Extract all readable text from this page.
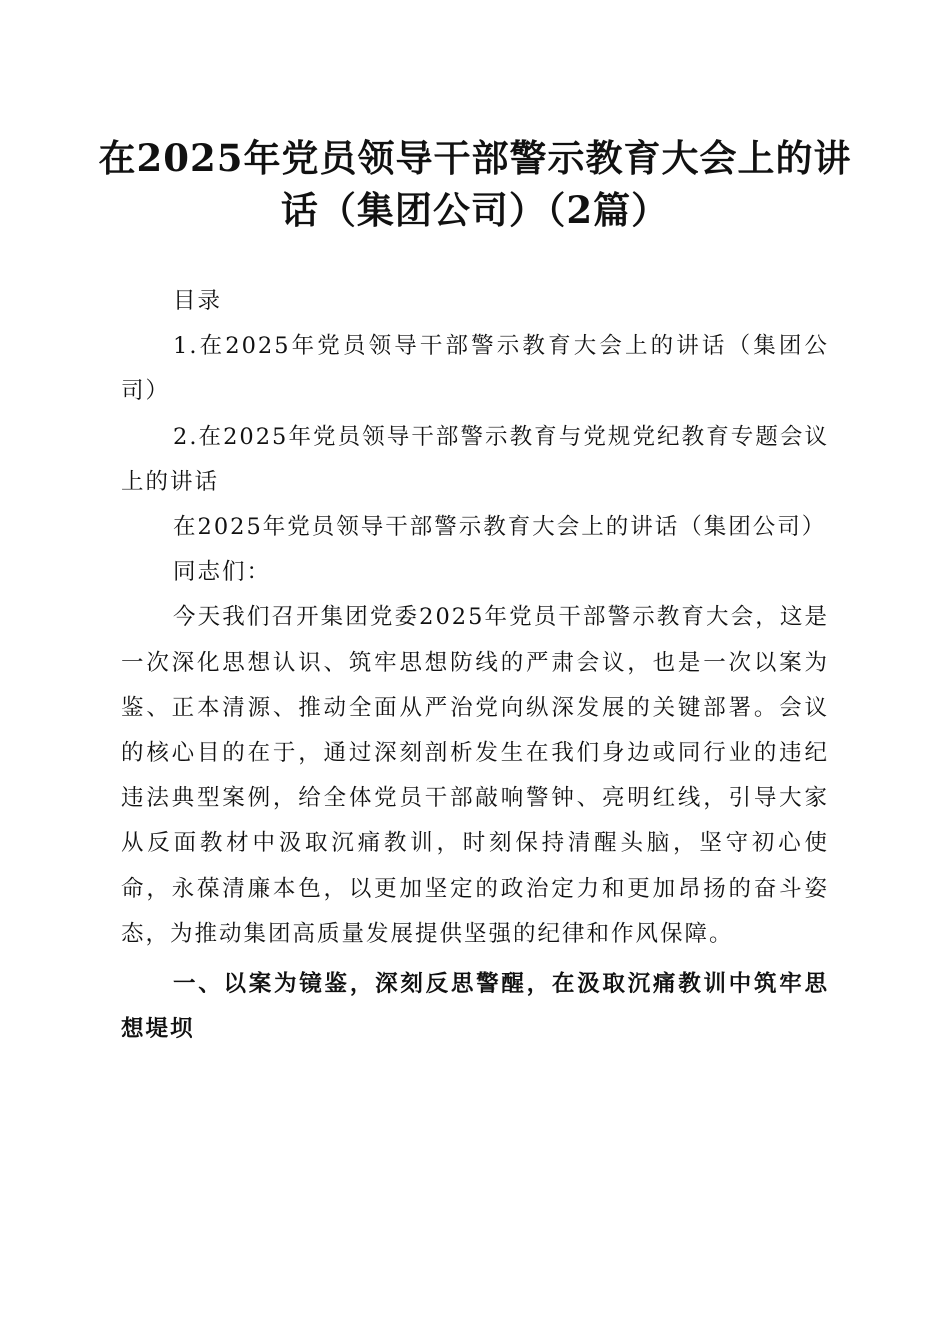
在2025年党员领导干部警示教育大会上的讲
话（集团公司）（2篇）

目录

1.在2025年党员领导干部警示教育大会上的讲话（集团公司）

2.在2025年党员领导干部警示教育与党规党纪教育专题会议上的讲话

在2025年党员领导干部警示教育大会上的讲话（集团公司）

同志们：

今天我们召开集团党委2025年党员干部警示教育大会，这是一次深化思想认识、筑牢思想防线的严肃会议，也是一次以案为鉴、正本清源、推动全面从严治党向纵深发展的关键部署。会议的核心目的在于，通过深刻剖析发生在我们身边或同行业的违纪违法典型案例，给全体党员干部敲响警钟、亮明红线，引导大家从反面教材中汲取沉痛教训，时刻保持清醒头脑，坚守初心使命，永葆清廉本色，以更加坚定的政治定力和更加昂扬的奋斗姿态，为推动集团高质量发展提供坚强的纪律和作风保障。

一、以案为镜鉴，深刻反思警醒，在汲取沉痛教训中筑牢思想堤坝
